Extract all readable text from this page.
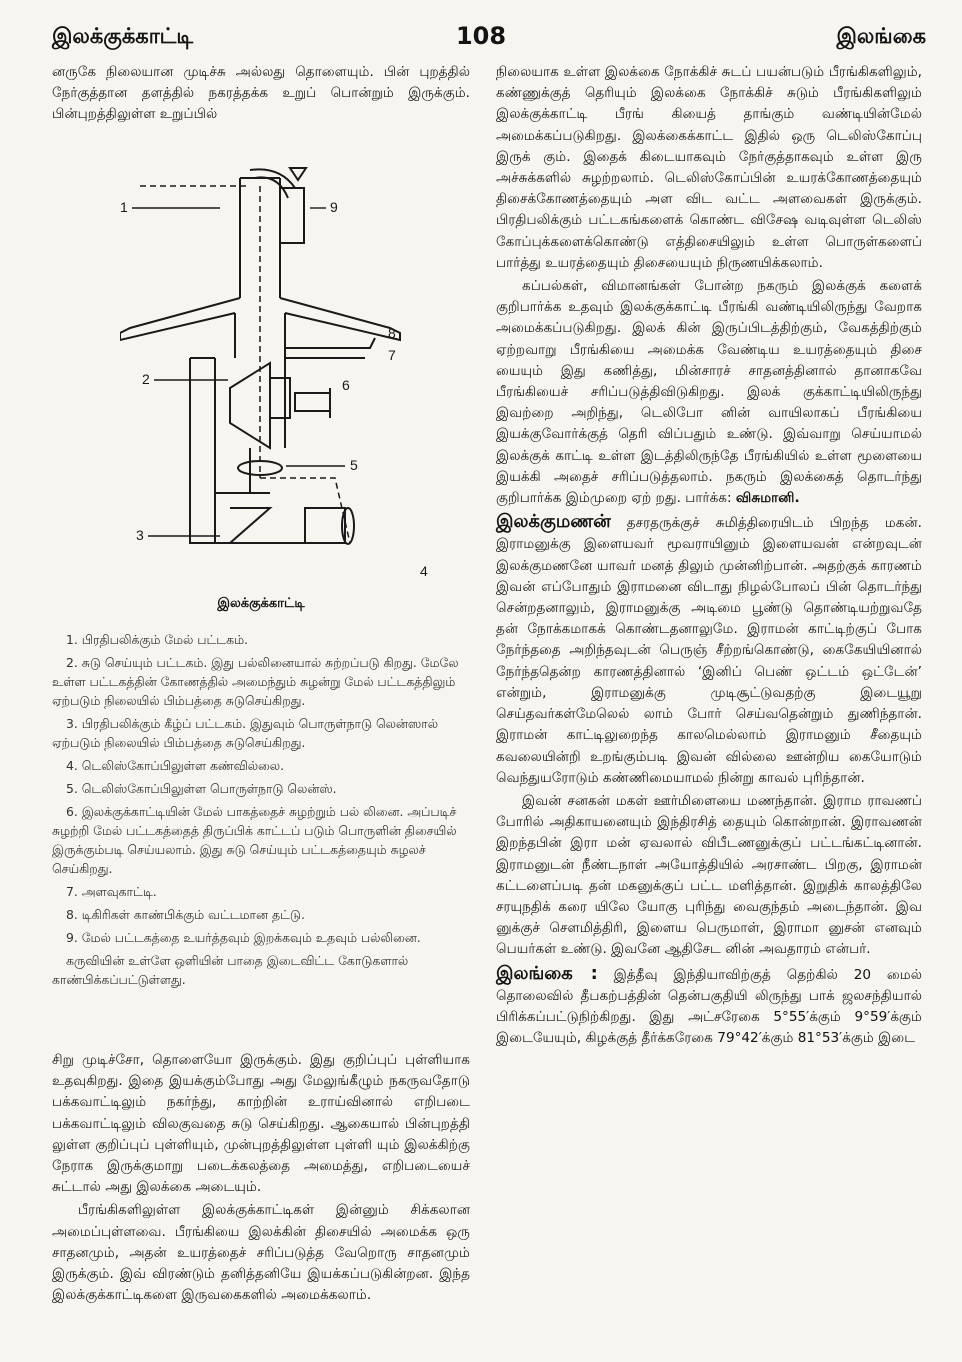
இலக்குக்காட்டி	108	இலங்கை

னருகே நிலையான முடிச்சு அல்லது தொளையும். பின் புறத்தில் நேர்குத்தான தளத்தில் நகரத்தக்க உறுப் பொன்றும் இருக்கும். பின்புறத்திலுள்ள உறுப்பில்

1	9
8
7
2	6
5
3
4
இலக்குக்காட்டி

1. பிரதிபலிக்கும் மேல் பட்டகம்.

2. சுடு செய்யும் பட்டகம். இது பல்லினையால் சுற்றப்படு கிறது. மேலே உள்ள பட்டகத்தின் கோணத்தில் அமைந்தும் சுழன்று மேல் பட்டகத்திலும் ஏற்படும் நிலையில் பிம்பத்தை சுடுசெய்கிறது.

3. பிரதிபலிக்கும் கீழ்ப் பட்டகம். இதுவும் பொருள்நாடு லென்ஸால் ஏற்படும் நிலையில் பிம்பத்தை சுடுசெய்கிறது.

4. டெலிஸ்கோப்பிலுள்ள கண்வில்லை.

5. டெலிஸ்கோப்பிலுள்ள பொருள்நாடு லென்ஸ்.

6. இலக்குக்காட்டியின் மேல் பாகத்தைச் சுழற்றும் பல் லினை. அப்படிச் சுழற்றி மேல் பட்டகத்தைத் திருப்பிக் காட்டப் படும் பொருளின் திசையில் இருக்கும்படி செய்யலாம். இது சுடு செய்யும் பட்டகத்தையும் சுழலச் செய்கிறது.

7. அளவுகாட்டி.

8. டிகிரிகள் காண்பிக்கும் வட்டமான தட்டு.

9. மேல் பட்டகத்தை உயர்த்தவும் இறக்கவும் உதவும் பல்லினை.

கருவியின் உள்ளே ஒளியின் பாதை இடைவிட்ட கோடுகளால் காண்பிக்கப்பட்டுள்ளது.

சிறு முடிச்சோ, தொளையோ இருக்கும். இது குறிப்புப் புள்ளியாக உதவுகிறது. இதை இயக்கும்போது அது மேலுங்கீழும் நகருவதோடு பக்கவாட்டிலும் நகர்ந்து, காற்றின் உராய்வினால் எறிபடை பக்கவாட்டிலும் விலகுவதை சுடு செய்கிறது. ஆகையால் பின்புறத்தி லுள்ள குறிப்புப் புள்ளியும், முன்புறத்திலுள்ள புள்ளி யும் இலக்கிற்கு நேராக இருக்குமாறு படைக்கலத்தை அமைத்து, எறிபடையைச் சுட்டால் அது இலக்கை அடையும்.

பீரங்கிகளிலுள்ள இலக்குக்காட்டிகள் இன்னும் சிக்கலான அமைப்புள்ளவை. பீரங்கியை இலக்கின் திசையில் அமைக்க ஒரு சாதனமும், அதன் உயரத்தைச் சரிப்படுத்த வேறொரு சாதனமும் இருக்கும். இவ் விரண்டும் தனித்தனியே இயக்கப்படுகின்றன. இந்த இலக்குக்காட்டிகளை இருவகைகளில் அமைக்கலாம்.

நிலையாக உள்ள இலக்கை நோக்கிச் சுடப் பயன்படும் பீரங்கிகளிலும், கண்ணுக்குத் தெரியும் இலக்கை நோக்கிச் சுடும் பீரங்கிகளிலும் இலக்குக்காட்டி பீரங் கியைத் தாங்கும் வண்டியின்மேல் அமைக்கப்படுகிறது. இலக்கைக்காட்ட இதில் ஒரு டெலிஸ்கோப்பு இருக் கும். இதைக் கிடையாகவும் நேர்குத்தாகவும் உள்ள இரு அச்சுக்களில் சுழற்றலாம். டெலிஸ்கோப்பின் உயரக்கோணத்தையும் திசைக்கோணத்தையும் அள விட வட்ட அளவைகள் இருக்கும். பிரதிபலிக்கும் பட்டகங்களைக் கொண்ட விசேஷ வடிவுள்ள டெலிஸ் கோப்புக்களைக்கொண்டு எத்திசையிலும் உள்ள பொருள்களைப் பார்த்து உயரத்தையும் திசையையும் நிருணயிக்கலாம்.

கப்பல்கள், விமானங்கள் போன்ற நகரும் இலக்குக் களைக் குறிபார்க்க உதவும் இலக்குக்காட்டி பீரங்கி வண்டியிலிருந்து வேறாக அமைக்கப்படுகிறது. இலக் கின் இருப்பிடத்திற்கும், வேகத்திற்கும் ஏற்றவாறு பீரங்கியை அமைக்க வேண்டிய உயரத்தையும் திசை யையும் இது கணித்து, மின்சாரச் சாதனத்தினால் தானாகவே பீரங்கியைச் சரிப்படுத்திவிடுகிறது. இலக் குக்காட்டியிலிருந்து இவற்றை அறிந்து, டெலிபோ னின் வாயிலாகப் பீரங்கியை இயக்குவோர்க்குத் தெரி விப்பதும் உண்டு. இவ்வாறு செய்யாமல் இலக்குக் காட்டி உள்ள இடத்திலிருந்தே பீரங்கியில் உள்ள மூளையை இயக்கி அதைச் சரிப்படுத்தலாம். நகரும் இலக்கைத் தொடர்ந்து குறிபார்க்க இம்முறை ஏற் றது. பார்க்க: விசுமானி.

இலக்குமணன் தசரதருக்குச் சுமித்திரையிடம் பிறந்த மகன். இராமனுக்கு இளையவர் மூவராயினும் இளையவன் என்றவுடன் இலக்குமணனே யாவர் மனத் திலும் முன்னிற்பான். அதற்குக் காரணம் இவன் எப்போதும் இராமனை விடாது நிழல்போலப் பின் தொடர்ந்து சென்றதனாலும், இராமனுக்கு அடிமை பூண்டு தொண்டியற்றுவதே தன் நோக்கமாகக் கொண்டதனாலுமே. இராமன் காட்டிற்குப் போக நேர்ந்ததை அறிந்தவுடன் பெருஞ் சீற்றங்கொண்டு, கைகேயியினால் நேர்ந்ததென்ற காரணத்தினால் ‘இனிப் பெண் ஒட்டம் ஒட்டேன்’ என்றும், இராமனுக்கு முடிசூட்டுவதற்கு இடையூறு செய்தவர்கள்மேலெல் லாம் போர் செய்வதென்றும் துணிந்தான். இராமன் காட்டிலுறைந்த காலமெல்லாம் இராமனும் சீதையும் கவலையின்றி உறங்கும்படி இவன் வில்லை ஊன்றிய கையோடும் வெந்துயரோடும் கண்ணிமையாமல் நின்று காவல் புரிந்தான்.

இவன் சனகன் மகள் ஊர்மிளையை மணந்தான். இராம ராவணப் போரில் அதிகாயனையும் இந்திரசித் தையும் கொன்றான். இராவணன் இறந்தபின் இரா மன் ஏவலால் விபீடணனுக்குப் பட்டங்கட்டினான். இராமனுடன் நீண்டநாள் அயோத்தியில் அரசாண்ட பிறகு, இராமன் கட்டளைப்படி தன் மகனுக்குப் பட்ட மளித்தான். இறுதிக் காலத்திலே சரயுநதிக் கரை யிலே யோகு புரிந்து வைகுந்தம் அடைந்தான். இவ னுக்குச் சௌமித்திரி, இளைய பெருமாள், இராமா னுசன் எனவும் பெயர்கள் உண்டு. இவனே ஆதிசேட னின் அவதாரம் என்பர்.

இலங்கை : இத்தீவு இந்தியாவிற்குத் தெற்கில் 20 மைல் தொலைவில் தீபகற்பத்தின் தென்பகுதியி லிருந்து பாக் ஜலசந்தியால் பிரிக்கப்பட்டுநிற்கிறது. இது அட்சரேகை 5°55′க்கும் 9°59′க்கும் இடையேயும், கிழக்குத் தீர்க்கரேகை 79°42′க்கும் 81°53′க்கும் இடை
